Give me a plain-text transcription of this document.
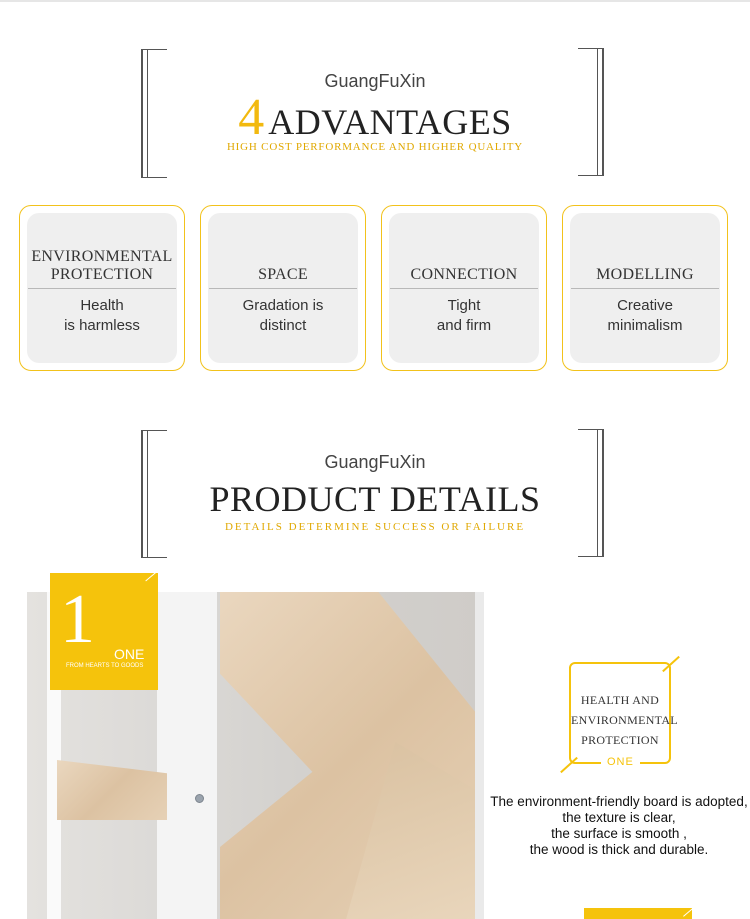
GuangFuXin
4 ADVANTAGES
HIGH COST PERFORMANCE AND HIGHER QUALITY
ENVIRONMENTAL
PROTECTION
Health
is harmless
SPACE
Gradation is
distinct
CONNECTION
Tight
and firm
MODELLING
Creative
minimalism
GuangFuXin
PRODUCT DETAILS
DETAILS DETERMINE SUCCESS OR FAILURE
1 ONE
FROM HEARTS TO GOODS
HEALTH AND
ENVIRONMENTAL
PROTECTION
ONE
The environment-friendly board is adopted,
the texture is clear,
the surface is smooth ,
the wood is thick and durable.
